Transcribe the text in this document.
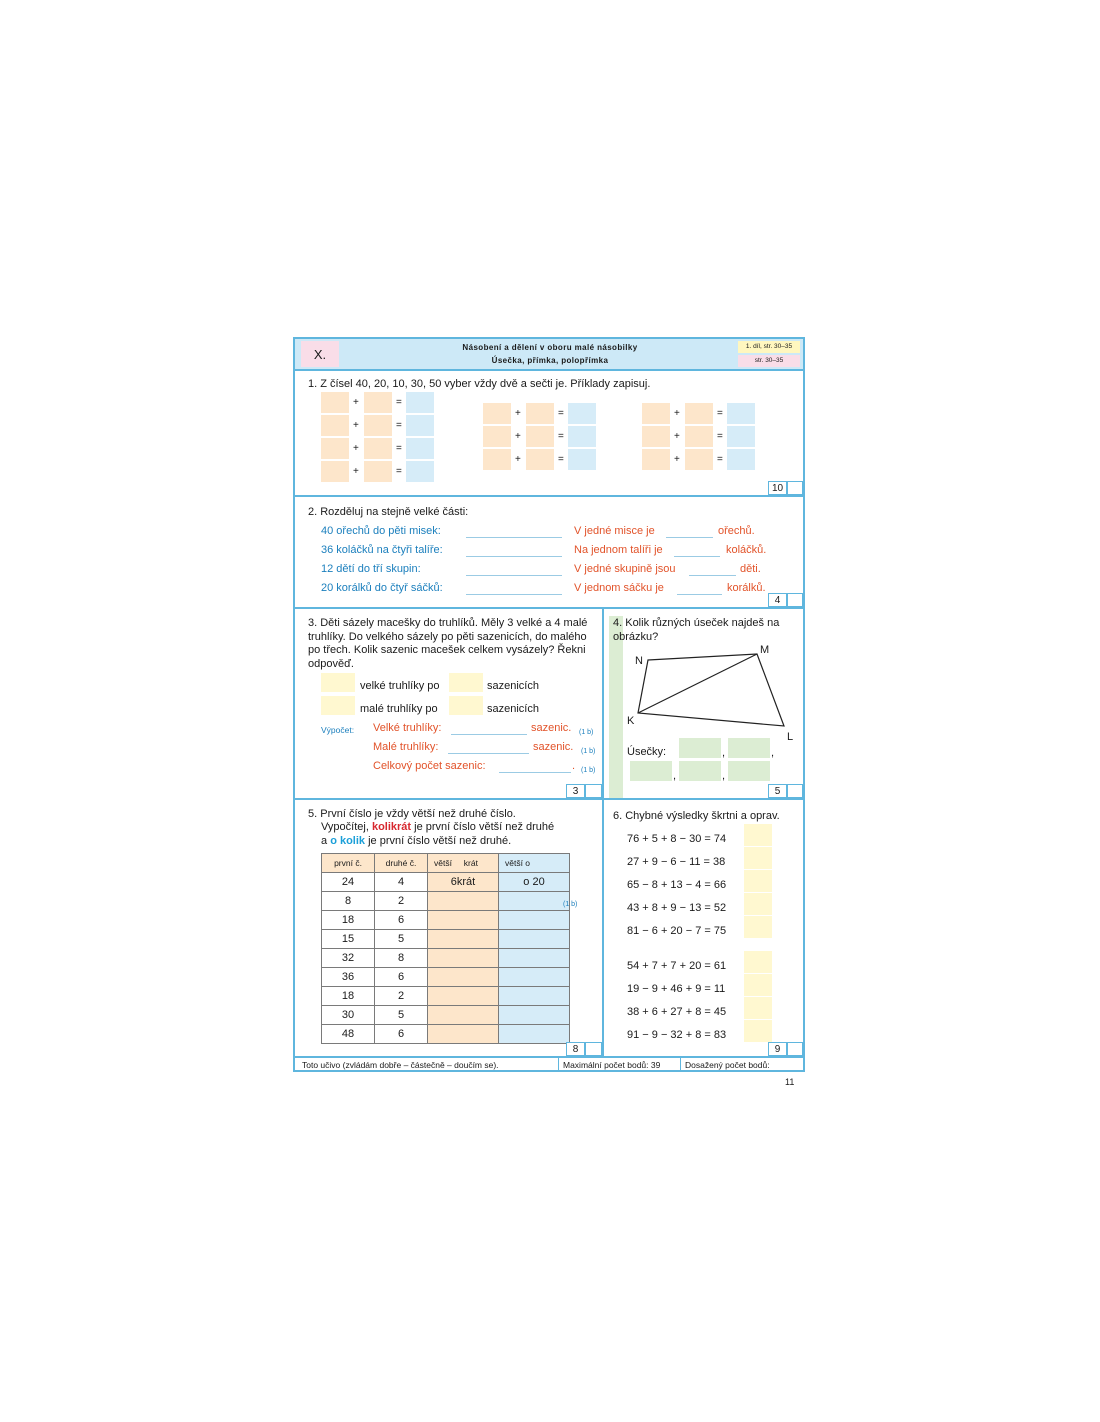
X.	Násobení a dělení v oboru malé násobilky
Úsečka, přímka, polopřímka
1. díl, str. 30–35
str. 30–35
1. Z čísel 40, 20, 10, 30, 50 vyber vždy dvě a sečti je. Příklady zapisuj.
+	=
+	=
+	=
+	=
+	=
+	=
+	=
+	=
+	=
+	=
10
2. Rozděluj na stejně velké části:
40 ořechů do pěti misek:	V jedné misce je	ořechů.
36 koláčků na čtyři talíře:	Na jednom talíři je	koláčků.
12 dětí do tří skupin:	V jedné skupině jsou	děti.
20 korálků do čtyř sáčků:	V jednom sáčku je	korálků.
4
3. Děti sázely macešky do truhlíků. Měly 3 velké a 4 malé truhlíky. Do velkého sázely po pěti sazenicích, do malého po třech. Kolik sazenic macešek celkem vysázely? Řekni odpověď.
velké truhlíky po	sazenicích
malé truhlíky po	sazenicích
Výpočet: Velké truhlíky:	sazenic. (1 b)
Malé truhlíky:	sazenic. (1 b)
Celkový počet sazenic:	. (1 b)
3
4. Kolik různých úseček najdeš na obrázku?
N
M
K
L
Úsečky:	,	,
,	,
5
5. První číslo je vždy větší než druhé číslo.
Vypočítej, kolikrát je první číslo větší než druhé
a o kolik je první číslo větší než druhé.
první č.	druhé č.	větší     krát	větší o
24	4	6krát	o 20
8	2		
18	6		
15	5		
32	8		
36	6		
18	2		
30	5		
48	6		
(1 b)
8
6. Chybné výsledky škrtni a oprav.
76 + 5 + 8 − 30 = 74
27 + 9 − 6 − 11 = 38
65 − 8 + 13 − 4 = 66
43 + 8 + 9 − 13 = 52
81 − 6 + 20 − 7 = 75
54 + 7 + 7 + 20 = 61
19 − 9 + 46 + 9 = 11
38 + 6 + 27 + 8 = 45
91 − 9 − 32 + 8 = 83
9
Toto učivo (zvládám dobře – částečně – doučím se).	Maximální počet bodů: 39	Dosažený počet bodů:
11
